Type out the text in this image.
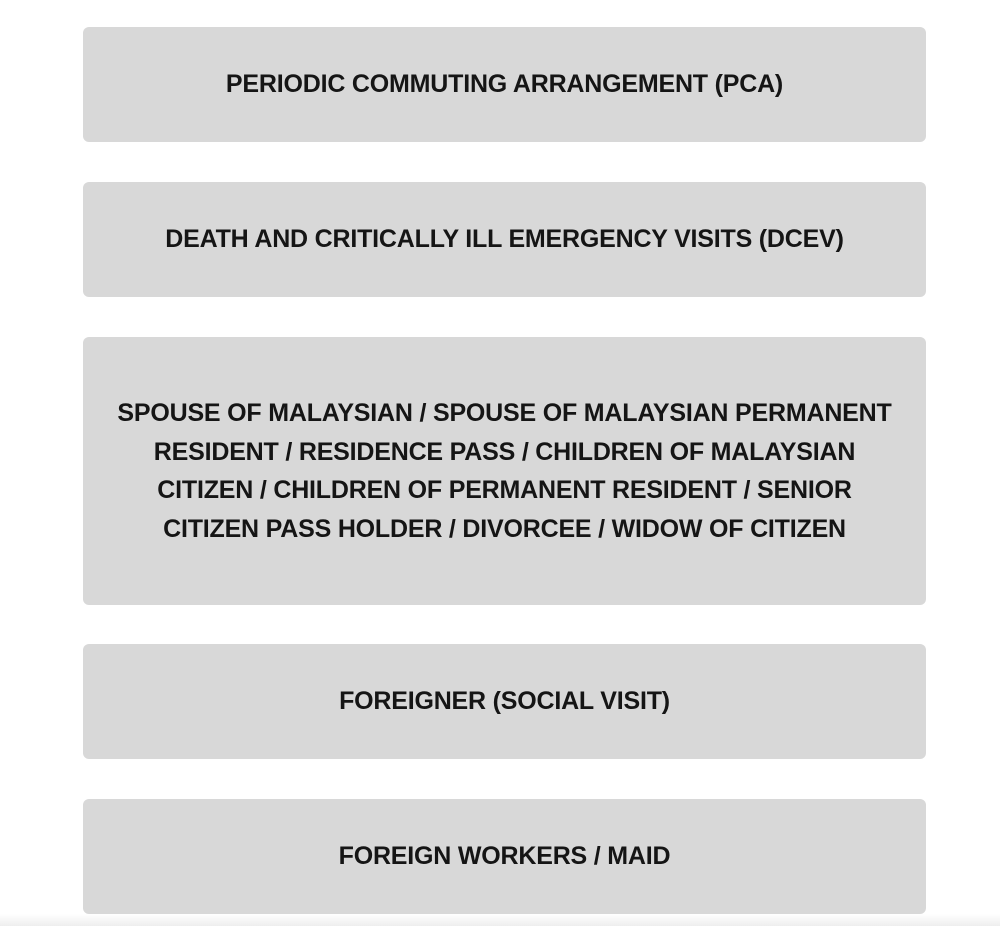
PERIODIC COMMUTING ARRANGEMENT (PCA)
DEATH AND CRITICALLY ILL EMERGENCY VISITS (DCEV)
SPOUSE OF MALAYSIAN / SPOUSE OF MALAYSIAN PERMANENT RESIDENT / RESIDENCE PASS / CHILDREN OF MALAYSIAN CITIZEN / CHILDREN OF PERMANENT RESIDENT / SENIOR CITIZEN PASS HOLDER / DIVORCEE / WIDOW OF CITIZEN
FOREIGNER (SOCIAL VISIT)
FOREIGN WORKERS / MAID
